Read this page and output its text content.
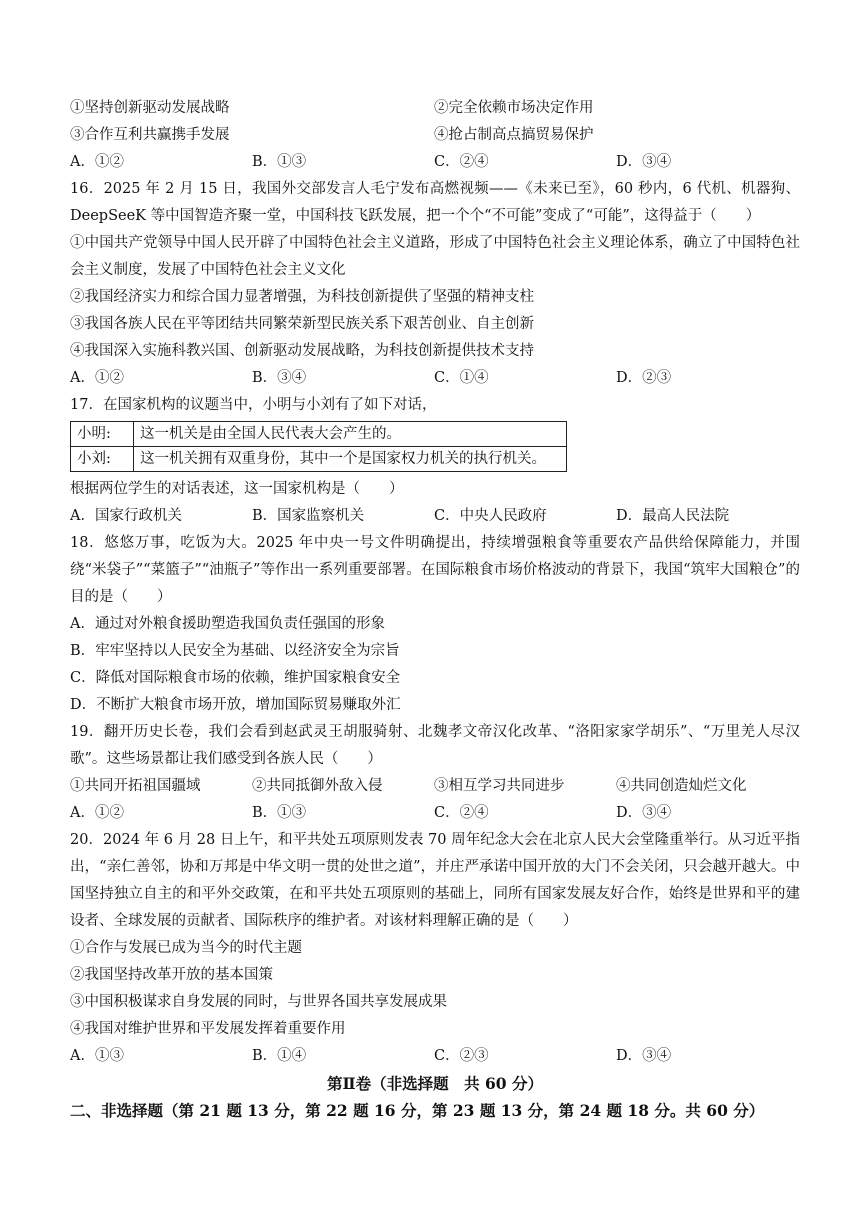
①坚持创新驱动发展战略	②完全依赖市场决定作用
③合作互利共赢携手发展	④抢占制高点搞贸易保护
A．①②	B．①③	C．②④	D．③④
16．2025 年 2 月 15 日，我国外交部发言人毛宁发布高燃视频——《未来已至》，60 秒内，6 代机、机器狗、DeepSeeK 等中国智造齐聚一堂，中国科技飞跃发展，把一个个“不可能”变成了“可能”，这得益于（　　）
①中国共产党领导中国人民开辟了中国特色社会主义道路，形成了中国特色社会主义理论体系，确立了中国特色社会主义制度，发展了中国特色社会主义文化
②我国经济实力和综合国力显著增强，为科技创新提供了坚强的精神支柱
③我国各族人民在平等团结共同繁荣新型民族关系下艰苦创业、自主创新
④我国深入实施科教兴国、创新驱动发展战略，为科技创新提供技术支持
A．①②	B．③④	C．①④	D．②③
17．在国家机构的议题当中，小明与小刘有了如下对话，
小明:	这一机关是由全国人民代表大会产生的。
小刘:	这一机关拥有双重身份，其中一个是国家权力机关的执行机关。
根据两位学生的对话表述，这一国家机构是（　　）
A．国家行政机关	B．国家监察机关	C．中央人民政府	D．最高人民法院
18．悠悠万事，吃饭为大。2025 年中央一号文件明确提出，持续增强粮食等重要农产品供给保障能力，并围绕“米袋子”“菜篮子”“油瓶子”等作出一系列重要部署。在国际粮食市场价格波动的背景下，我国“筑牢大国粮仓”的目的是（　　）
A．通过对外粮食援助塑造我国负责任强国的形象
B．牢牢坚持以人民安全为基础、以经济安全为宗旨
C．降低对国际粮食市场的依赖，维护国家粮食安全
D．不断扩大粮食市场开放，增加国际贸易赚取外汇
19．翻开历史长卷，我们会看到赵武灵王胡服骑射、北魏孝文帝汉化改革、“洛阳家家学胡乐”、“万里羌人尽汉歌”。这些场景都让我们感受到各族人民（　　）
①共同开拓祖国疆域	②共同抵御外敌入侵	③相互学习共同进步	④共同创造灿烂文化
A．①②	B．①③	C．②④	D．③④
20．2024 年 6 月 28 日上午，和平共处五项原则发表 70 周年纪念大会在北京人民大会堂隆重举行。从习近平指出，“亲仁善邻，协和万邦是中华文明一贯的处世之道”，并庄严承诺中国开放的大门不会关闭，只会越开越大。中国坚持独立自主的和平外交政策，在和平共处五项原则的基础上，同所有国家发展友好合作，始终是世界和平的建设者、全球发展的贡献者、国际秩序的维护者。对该材料理解正确的是（　　）
①合作与发展已成为当今的时代主题
②我国坚持改革开放的基本国策
③中国积极谋求自身发展的同时，与世界各国共享发展成果
④我国对维护世界和平发展发挥着重要作用
A．①③	B．①④	C．②③	D．③④
第Ⅱ卷（非选择题　共 60 分）
二、非选择题（第 21 题 13 分，第 22 题 16 分，第 23 题 13 分，第 24 题 18 分。共 60 分）
